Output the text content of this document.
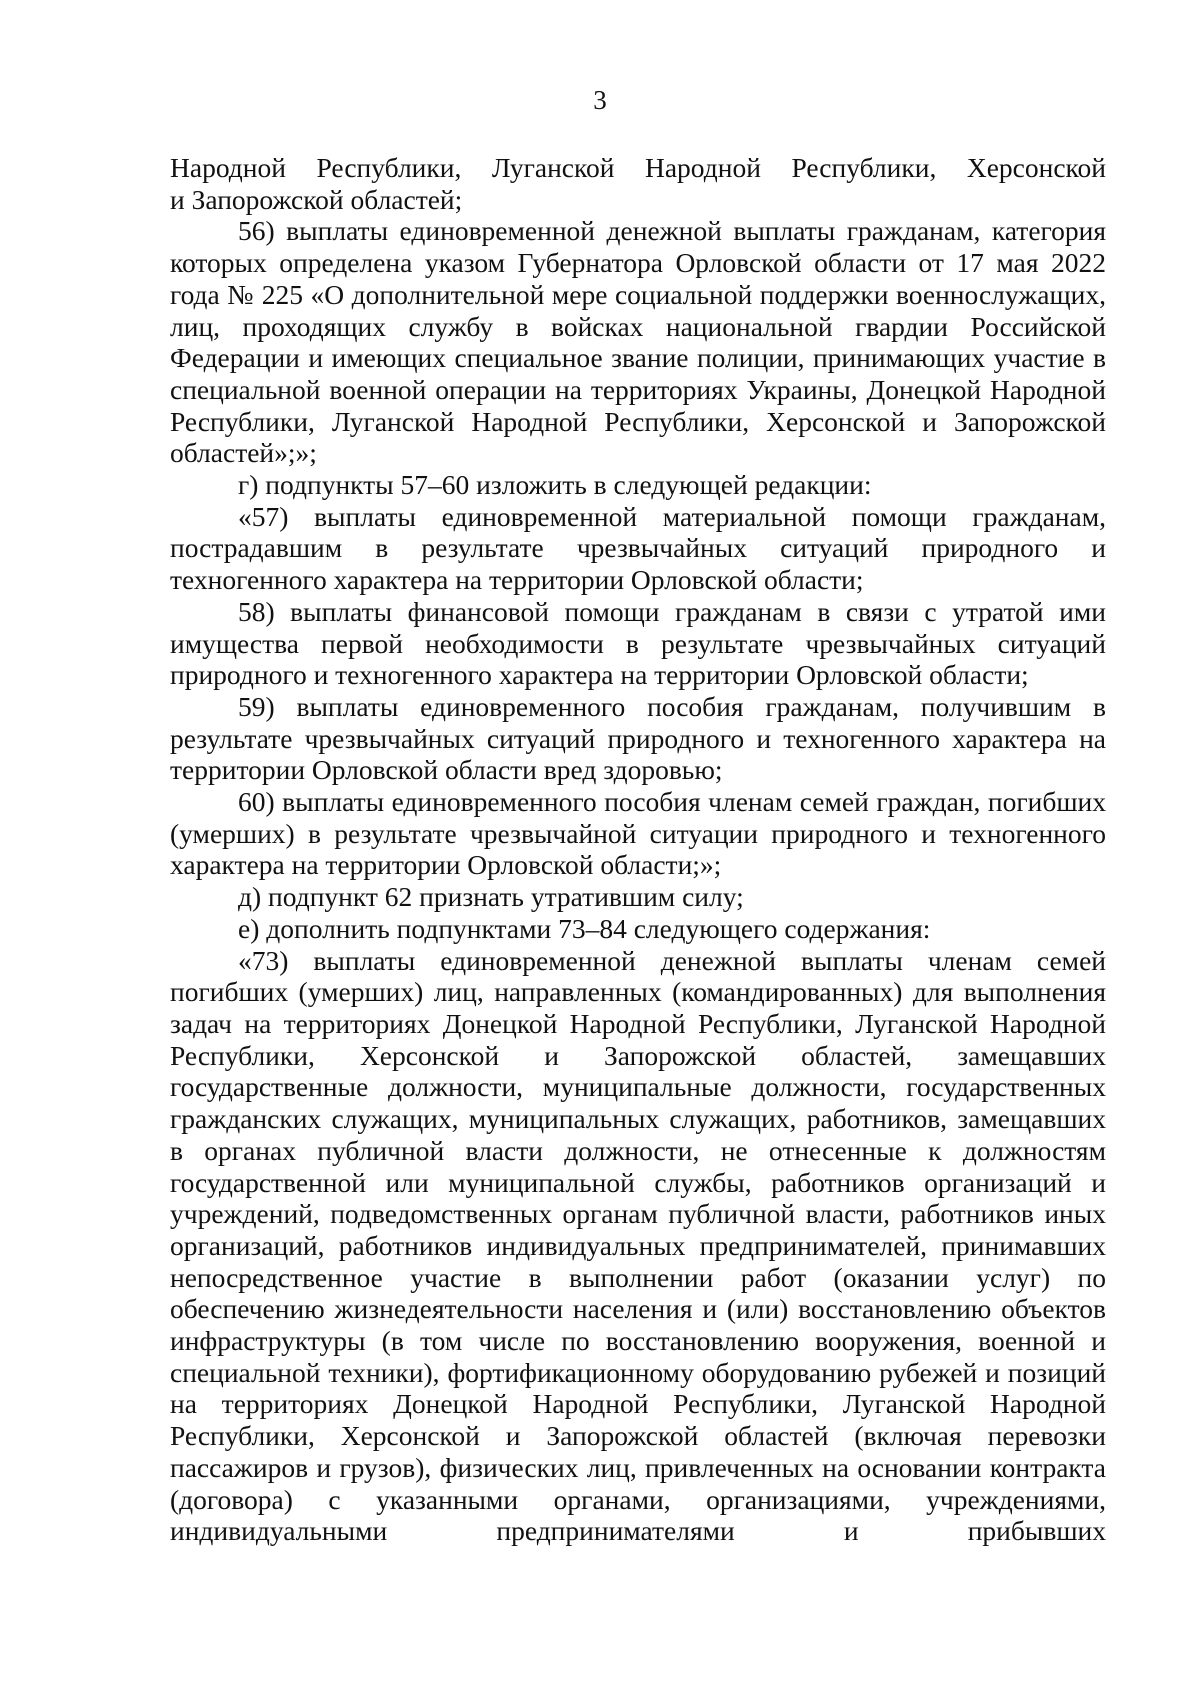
3

Народной Республики, Луганской Народной Республики, Херсонской

и Запорожской областей;

56) выплаты единовременной денежной выплаты гражданам, категория которых определена указом Губернатора Орловской области от 17 мая 2022 года № 225 «О дополнительной мере социальной поддержки военнослужащих, лиц, проходящих службу в войсках национальной гвардии Российской Федерации и имеющих специальное звание полиции, принимающих участие в специальной военной операции на территориях Украины, Донецкой Народной Республики, Луганской Народной Республики, Херсонской и Запорожской областей»;»;

г) подпункты 57–60 изложить в следующей редакции:

«57) выплаты единовременной материальной помощи гражданам, пострадавшим в результате чрезвычайных ситуаций природного и техногенного характера на территории Орловской области;

58) выплаты финансовой помощи гражданам в связи с утратой ими имущества первой необходимости в результате чрезвычайных ситуаций природного и техногенного характера на территории Орловской области;

59) выплаты единовременного пособия гражданам, получившим в результате чрезвычайных ситуаций природного и техногенного характера на территории Орловской области вред здоровью;

60) выплаты единовременного пособия членам семей граждан, погибших (умерших) в результате чрезвычайной ситуации природного и техногенного характера на территории Орловской области;»;

д) подпункт 62 признать утратившим силу;

е) дополнить подпунктами 73–84 следующего содержания:

«73) выплаты единовременной денежной выплаты членам семей погибших (умерших) лиц, направленных (командированных) для выполнения задач на территориях Донецкой Народной Республики, Луганской Народной Республики, Херсонской и Запорожской областей, замещавших государственные должности, муниципальные должности, государственных гражданских служащих, муниципальных служащих, работников, замещавших в органах публичной власти должности, не отнесенные к должностям государственной или муниципальной службы, работников организаций и учреждений, подведомственных органам публичной власти, работников иных организаций, работников индивидуальных предпринимателей, принимавших непосредственное участие в выполнении работ (оказании услуг) по обеспечению жизнедеятельности населения и (или) восстановлению объектов инфраструктуры (в том числе по восстановлению вооружения, военной и специальной техники), фортификационному оборудованию рубежей и позиций на территориях Донецкой Народной Республики, Луганской Народной Республики, Херсонской и Запорожской областей (включая перевозки пассажиров и грузов), физических лиц, привлеченных на основании контракта (договора) с указанными органами, организациями, учреждениями, индивидуальными предпринимателями и прибывших
